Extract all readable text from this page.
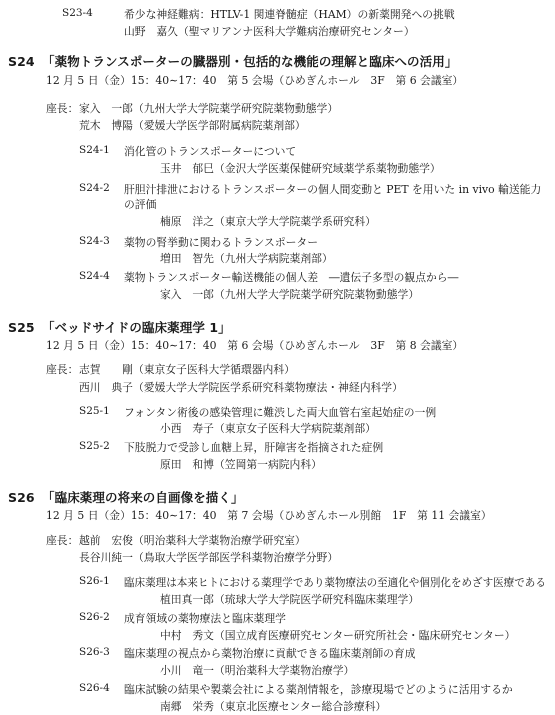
S23-4	希少な神経難病：HTLV-1 関連脊髄症（HAM）の新薬開発への挑戦
山野　嘉久（聖マリアンナ医科大学難病治療研究センター）
S24 「薬物トランスポーターの臓器別・包括的な機能の理解と臨床への活用」
12 月 5 日（金）15：40∼17：40　第 5 会場（ひめぎんホール　3F　第 6 会議室）
座長： 家入　一郎（九州大学大学院薬学研究院薬物動態学）
荒木　博陽（愛媛大学医学部附属病院薬剤部）
S24-1 消化管のトランスポーターについて
玉井　郁巳（金沢大学医薬保健研究域薬学系薬物動態学）
S24-2 肝胆汁排泄におけるトランスポーターの個人間変動と PET を用いた in vivo 輸送能力
の評価
楠原　洋之（東京大学大学院薬学系研究科）
S24-3 薬物の腎挙動に関わるトランスポーター
増田　智先（九州大学病院薬剤部）
S24-4 薬物トランスポーター輸送機能の個人差　―遺伝子多型の観点から―
家入　一郎（九州大学大学院薬学研究院薬物動態学）
S25 「ベッドサイドの臨床薬理学 1」
12 月 5 日（金）15：40∼17：40　第 6 会場（ひめぎんホール　3F　第 8 会議室）
座長： 志賀　　剛（東京女子医科大学循環器内科）
西川　典子（愛媛大学大学院医学系研究科薬物療法・神経内科学）
S25-1 フォンタン術後の感染管理に難渋した両大血管右室起始症の一例
小西　寿子（東京女子医科大学病院薬剤部）
S25-2 下肢脱力で受診し血糖上昇，肝障害を指摘された症例
原田　和博（笠岡第一病院内科）
S26 「臨床薬理の将来の自画像を描く」
12 月 5 日（金）15：40∼17：40　第 7 会場（ひめぎんホール別館　1F　第 11 会議室）
座長： 越前　宏俊（明治薬科大学薬物治療学研究室）
長谷川純一（鳥取大学医学部医学科薬物治療学分野）
S26-1 臨床薬理は本来ヒトにおける薬理学であり薬物療法の至適化や個別化をめざす医療である
植田真一郎（琉球大学大学院医学研究科臨床薬理学）
S26-2 成育領域の薬物療法と臨床薬理学
中村　秀文（国立成育医療研究センター研究所社会・臨床研究センター）
S26-3 臨床薬理の視点から薬物治療に貢献できる臨床薬剤師の育成
小川　竜一（明治薬科大学薬物治療学）
S26-4 臨床試験の結果や製薬会社による薬剤情報を，診療現場でどのように活用するか
南郷　栄秀（東京北医療センター総合診療科）
